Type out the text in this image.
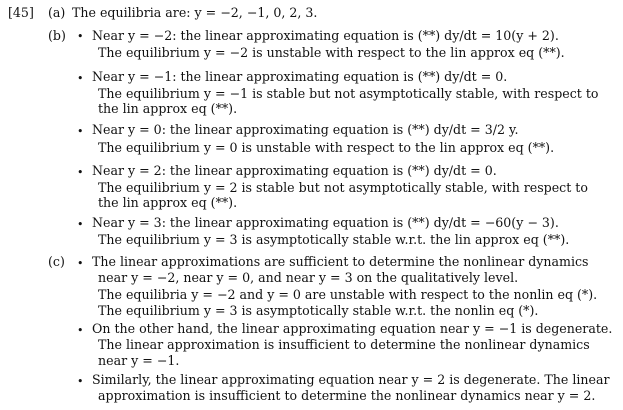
[45] (a) The equilibria are: y = −2, −1, 0, 2, 3.
(b) • Near y = −2: the linear approximating equation is (**) dy/dt = 10(y + 2).
The equilibrium y = −2 is unstable with respect to the lin approx eq (**).
• Near y = −1: the linear approximating equation is (**) dy/dt = 0.
The equilibrium y = −1 is stable but not asymptotically stable, with respect to
the lin approx eq (**).
• Near y = 0: the linear approximating equation is (**) dy/dt = 3/2 y.
The equilibrium y = 0 is unstable with respect to the lin approx eq (**).
• Near y = 2: the linear approximating equation is (**) dy/dt = 0.
The equilibrium y = 2 is stable but not asymptotically stable, with respect to
the lin approx eq (**).
• Near y = 3: the linear approximating equation is (**) dy/dt = −60(y − 3).
The equilibrium y = 3 is asymptotically stable w.r.t. the lin approx eq (**).
(c) • The linear approximations are sufficient to determine the nonlinear dynamics
near y = −2, near y = 0, and near y = 3 on the qualitatively level.
The equilibria y = −2 and y = 0 are unstable with respect to the nonlin eq (*).
The equilibrium y = 3 is asymptotically stable w.r.t. the nonlin eq (*).
• On the other hand, the linear approximating equation near y = −1 is degenerate.
The linear approximation is insufficient to determine the nonlinear dynamics
near y = −1.
• Similarly, the linear approximating equation near y = 2 is degenerate. The linear
approximation is insufficient to determine the nonlinear dynamics near y = 2.
